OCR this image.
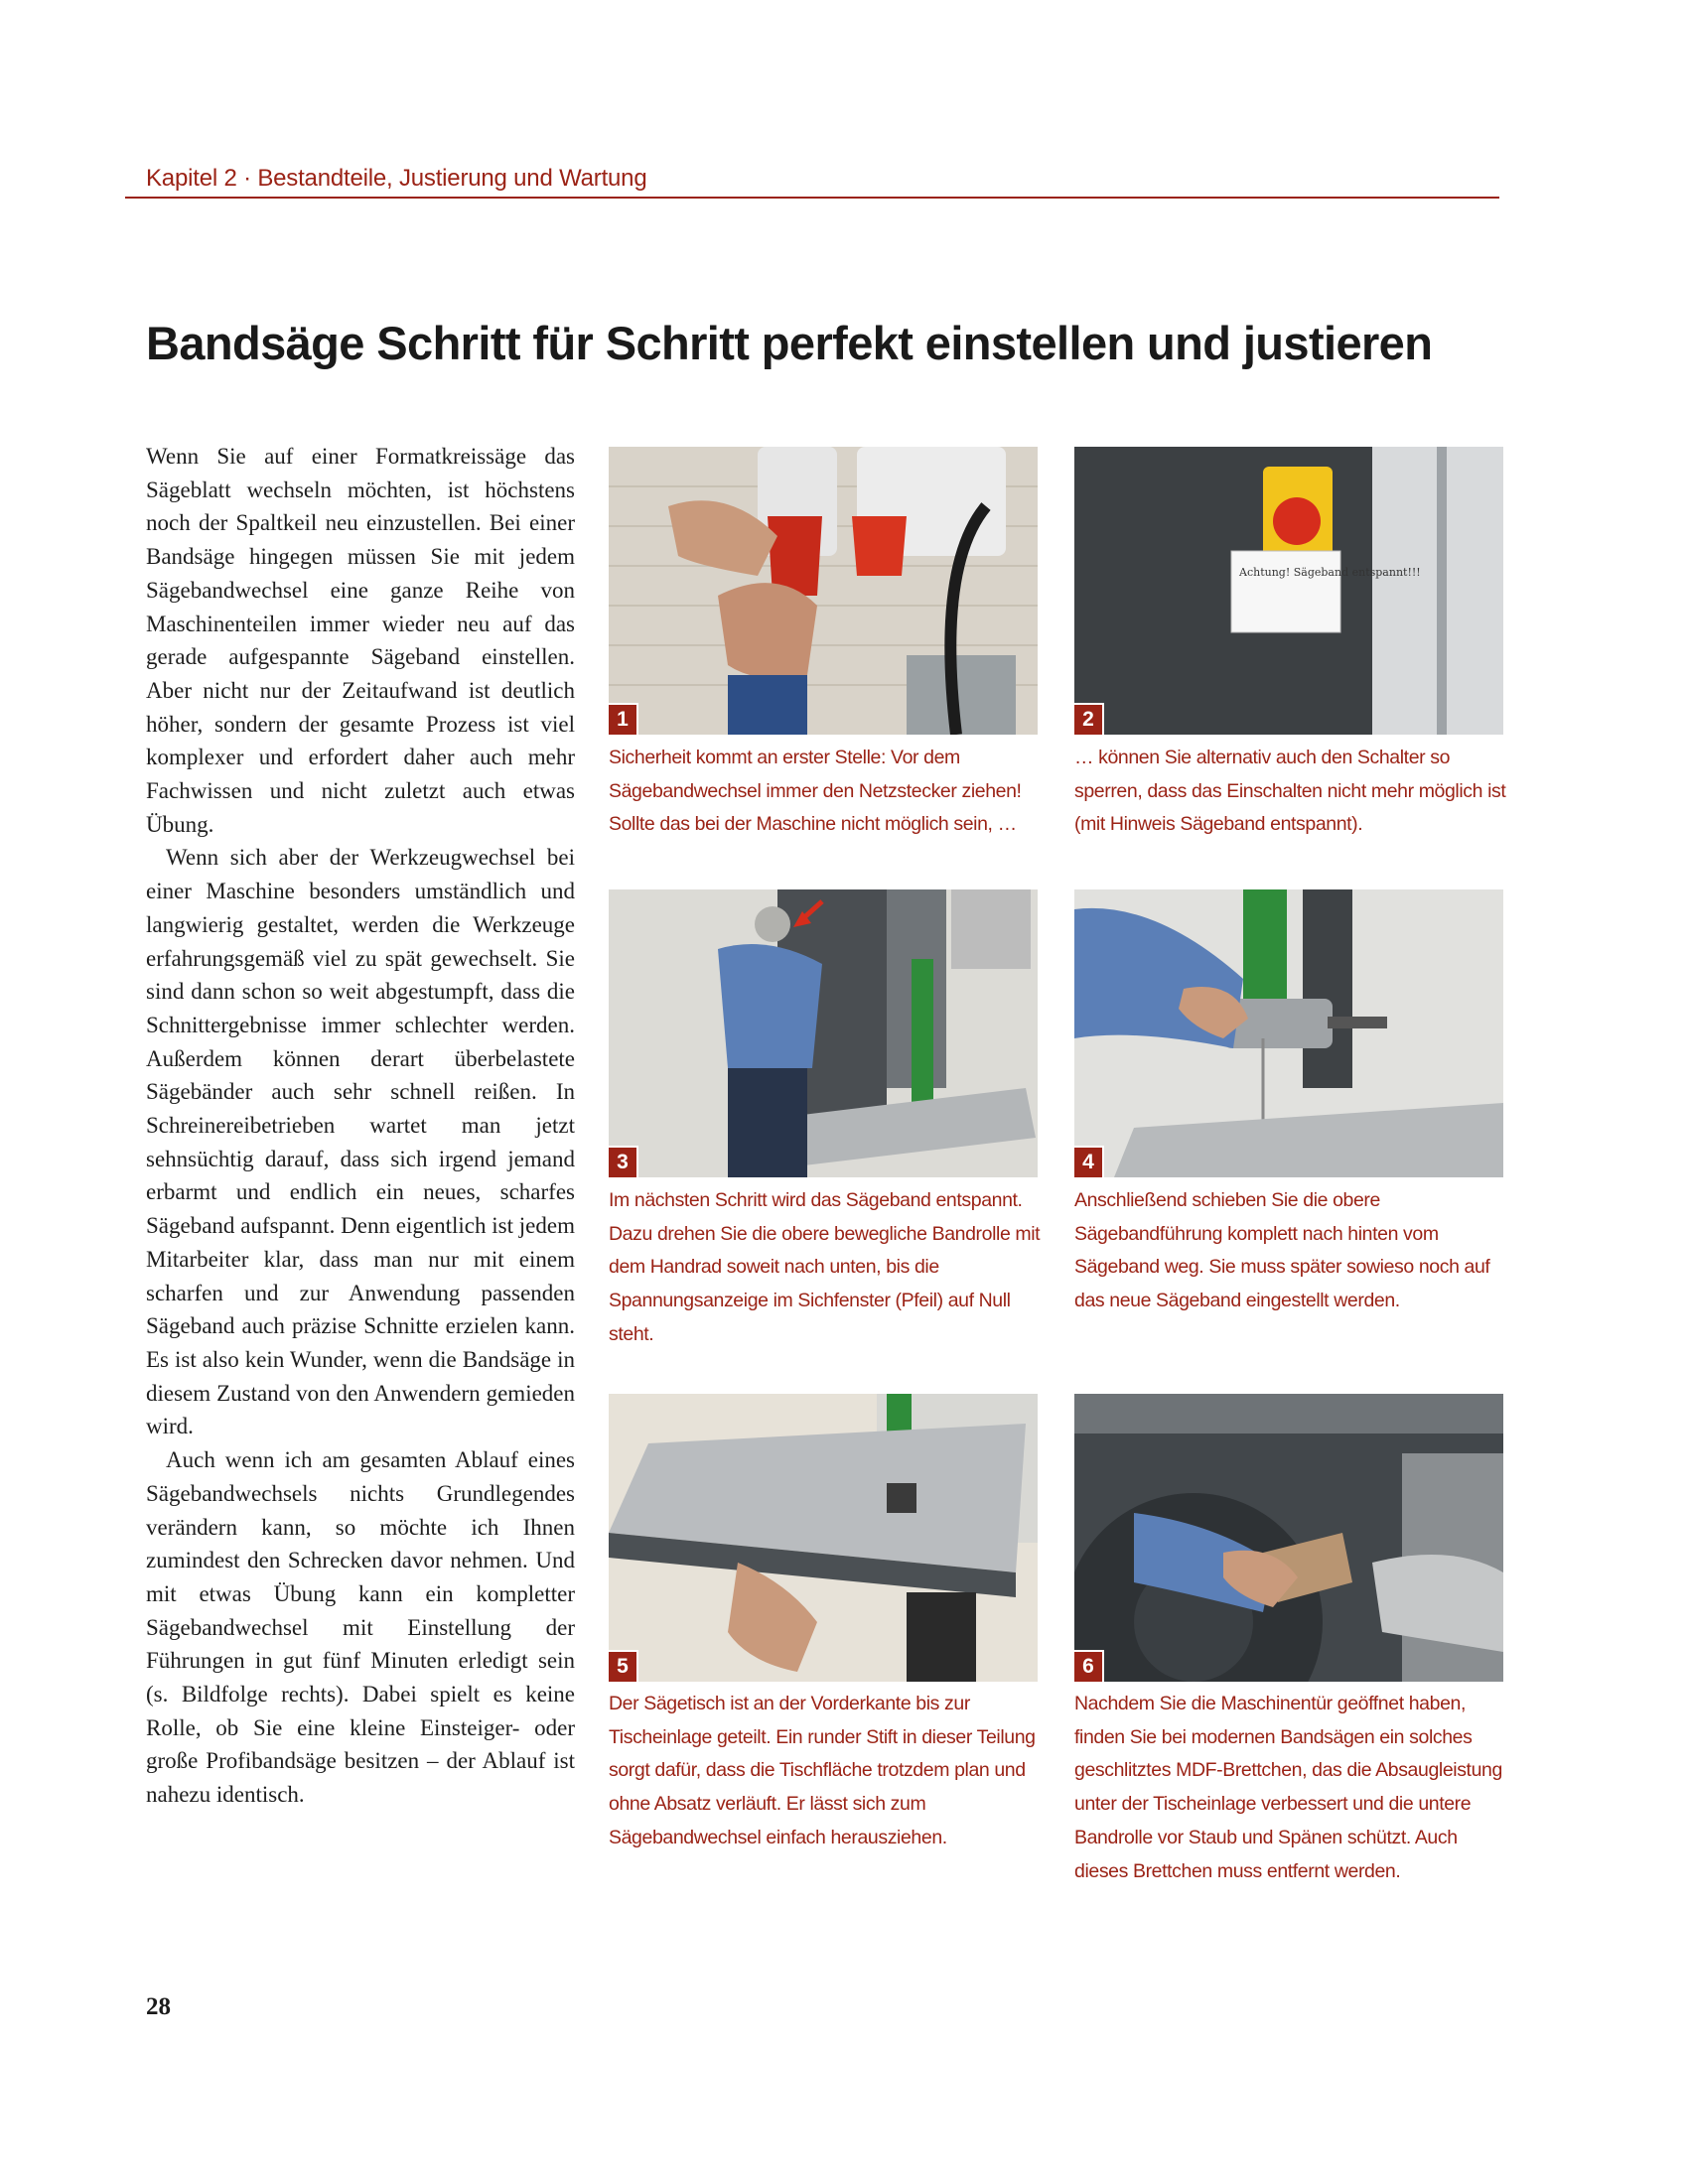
Kapitel 2 · Bestandteile, Justierung und Wartung
Bandsäge Schritt für Schritt perfekt einstellen und justieren

Wenn Sie auf einer Formatkreissäge das Sägeblatt wechseln möchten, ist höchstens noch der Spaltkeil neu einzustellen. Bei einer Bandsäge hingegen müssen Sie mit jedem Sägebandwechsel eine ganze Reihe von Maschinenteilen immer wieder neu auf das gerade aufgespannte Sägeband einstellen. Aber nicht nur der Zeitaufwand ist deutlich höher, sondern der gesamte Prozess ist viel komplexer und erfordert daher auch mehr Fachwissen und nicht zuletzt auch etwas Übung.

Wenn sich aber der Werkzeugwechsel bei einer Maschine besonders umständlich und langwierig gestaltet, werden die Werkzeuge erfahrungsgemäß viel zu spät gewechselt. Sie sind dann schon so weit abgestumpft, dass die Schnittergebnisse immer schlechter werden. Außerdem können derart überbelastete Sägebänder auch sehr schnell reißen. In Schreinereibetrieben wartet man jetzt sehnsüchtig darauf, dass sich irgend jemand erbarmt und endlich ein neues, scharfes Sägeband aufspannt. Denn eigentlich ist jedem Mitarbeiter klar, dass man nur mit einem scharfen und zur Anwendung passenden Sägeband auch präzise Schnitte erzielen kann. Es ist also kein Wunder, wenn die Bandsäge in diesem Zustand von den Anwendern gemieden wird.

Auch wenn ich am gesamten Ablauf eines Sägebandwechsels nichts Grundlegendes verändern kann, so möchte ich Ihnen zumindest den Schrecken davor nehmen. Und mit etwas Übung kann ein kompletter Sägebandwechsel mit Einstellung der Führungen in gut fünf Minuten erledigt sein (s. Bildfolge rechts). Dabei spielt es keine Rolle, ob Sie eine kleine Einsteiger- oder große Profibandsäge besitzen – der Ablauf ist nahezu identisch.

1
Achtung! Sägeband entspannt!!!
2
Sicherheit kommt an erster Stelle: Vor dem Sägebandwechsel immer den Netzstecker ziehen! Sollte das bei der Maschine nicht möglich sein, …
… können Sie alternativ auch den Schalter so sperren, dass das Einschalten nicht mehr möglich ist (mit Hinweis Sägeband entspannt).
3	4
Im nächsten Schritt wird das Sägeband entspannt. Dazu drehen Sie die obere bewegliche Bandrolle mit dem Handrad soweit nach unten, bis die Spannungsanzeige im Sichfenster (Pfeil) auf Null steht.
Anschließend schieben Sie die obere Sägebandführung komplett nach hinten vom Sägeband weg. Sie muss später sowieso noch auf das neue Sägeband eingestellt werden.
5	6
Der Sägetisch ist an der Vorderkante bis zur Tischeinlage geteilt. Ein runder Stift in dieser Teilung sorgt dafür, dass die Tischfläche trotzdem plan und ohne Absatz verläuft. Er lässt sich zum Sägebandwechsel einfach herausziehen.
Nachdem Sie die Maschinentür geöffnet haben, finden Sie bei modernen Bandsägen ein solches geschlitztes MDF-Brettchen, das die Absaugleistung unter der Tischeinlage verbessert und die untere Bandrolle vor Staub und Spänen schützt. Auch dieses Brettchen muss entfernt werden.
28
